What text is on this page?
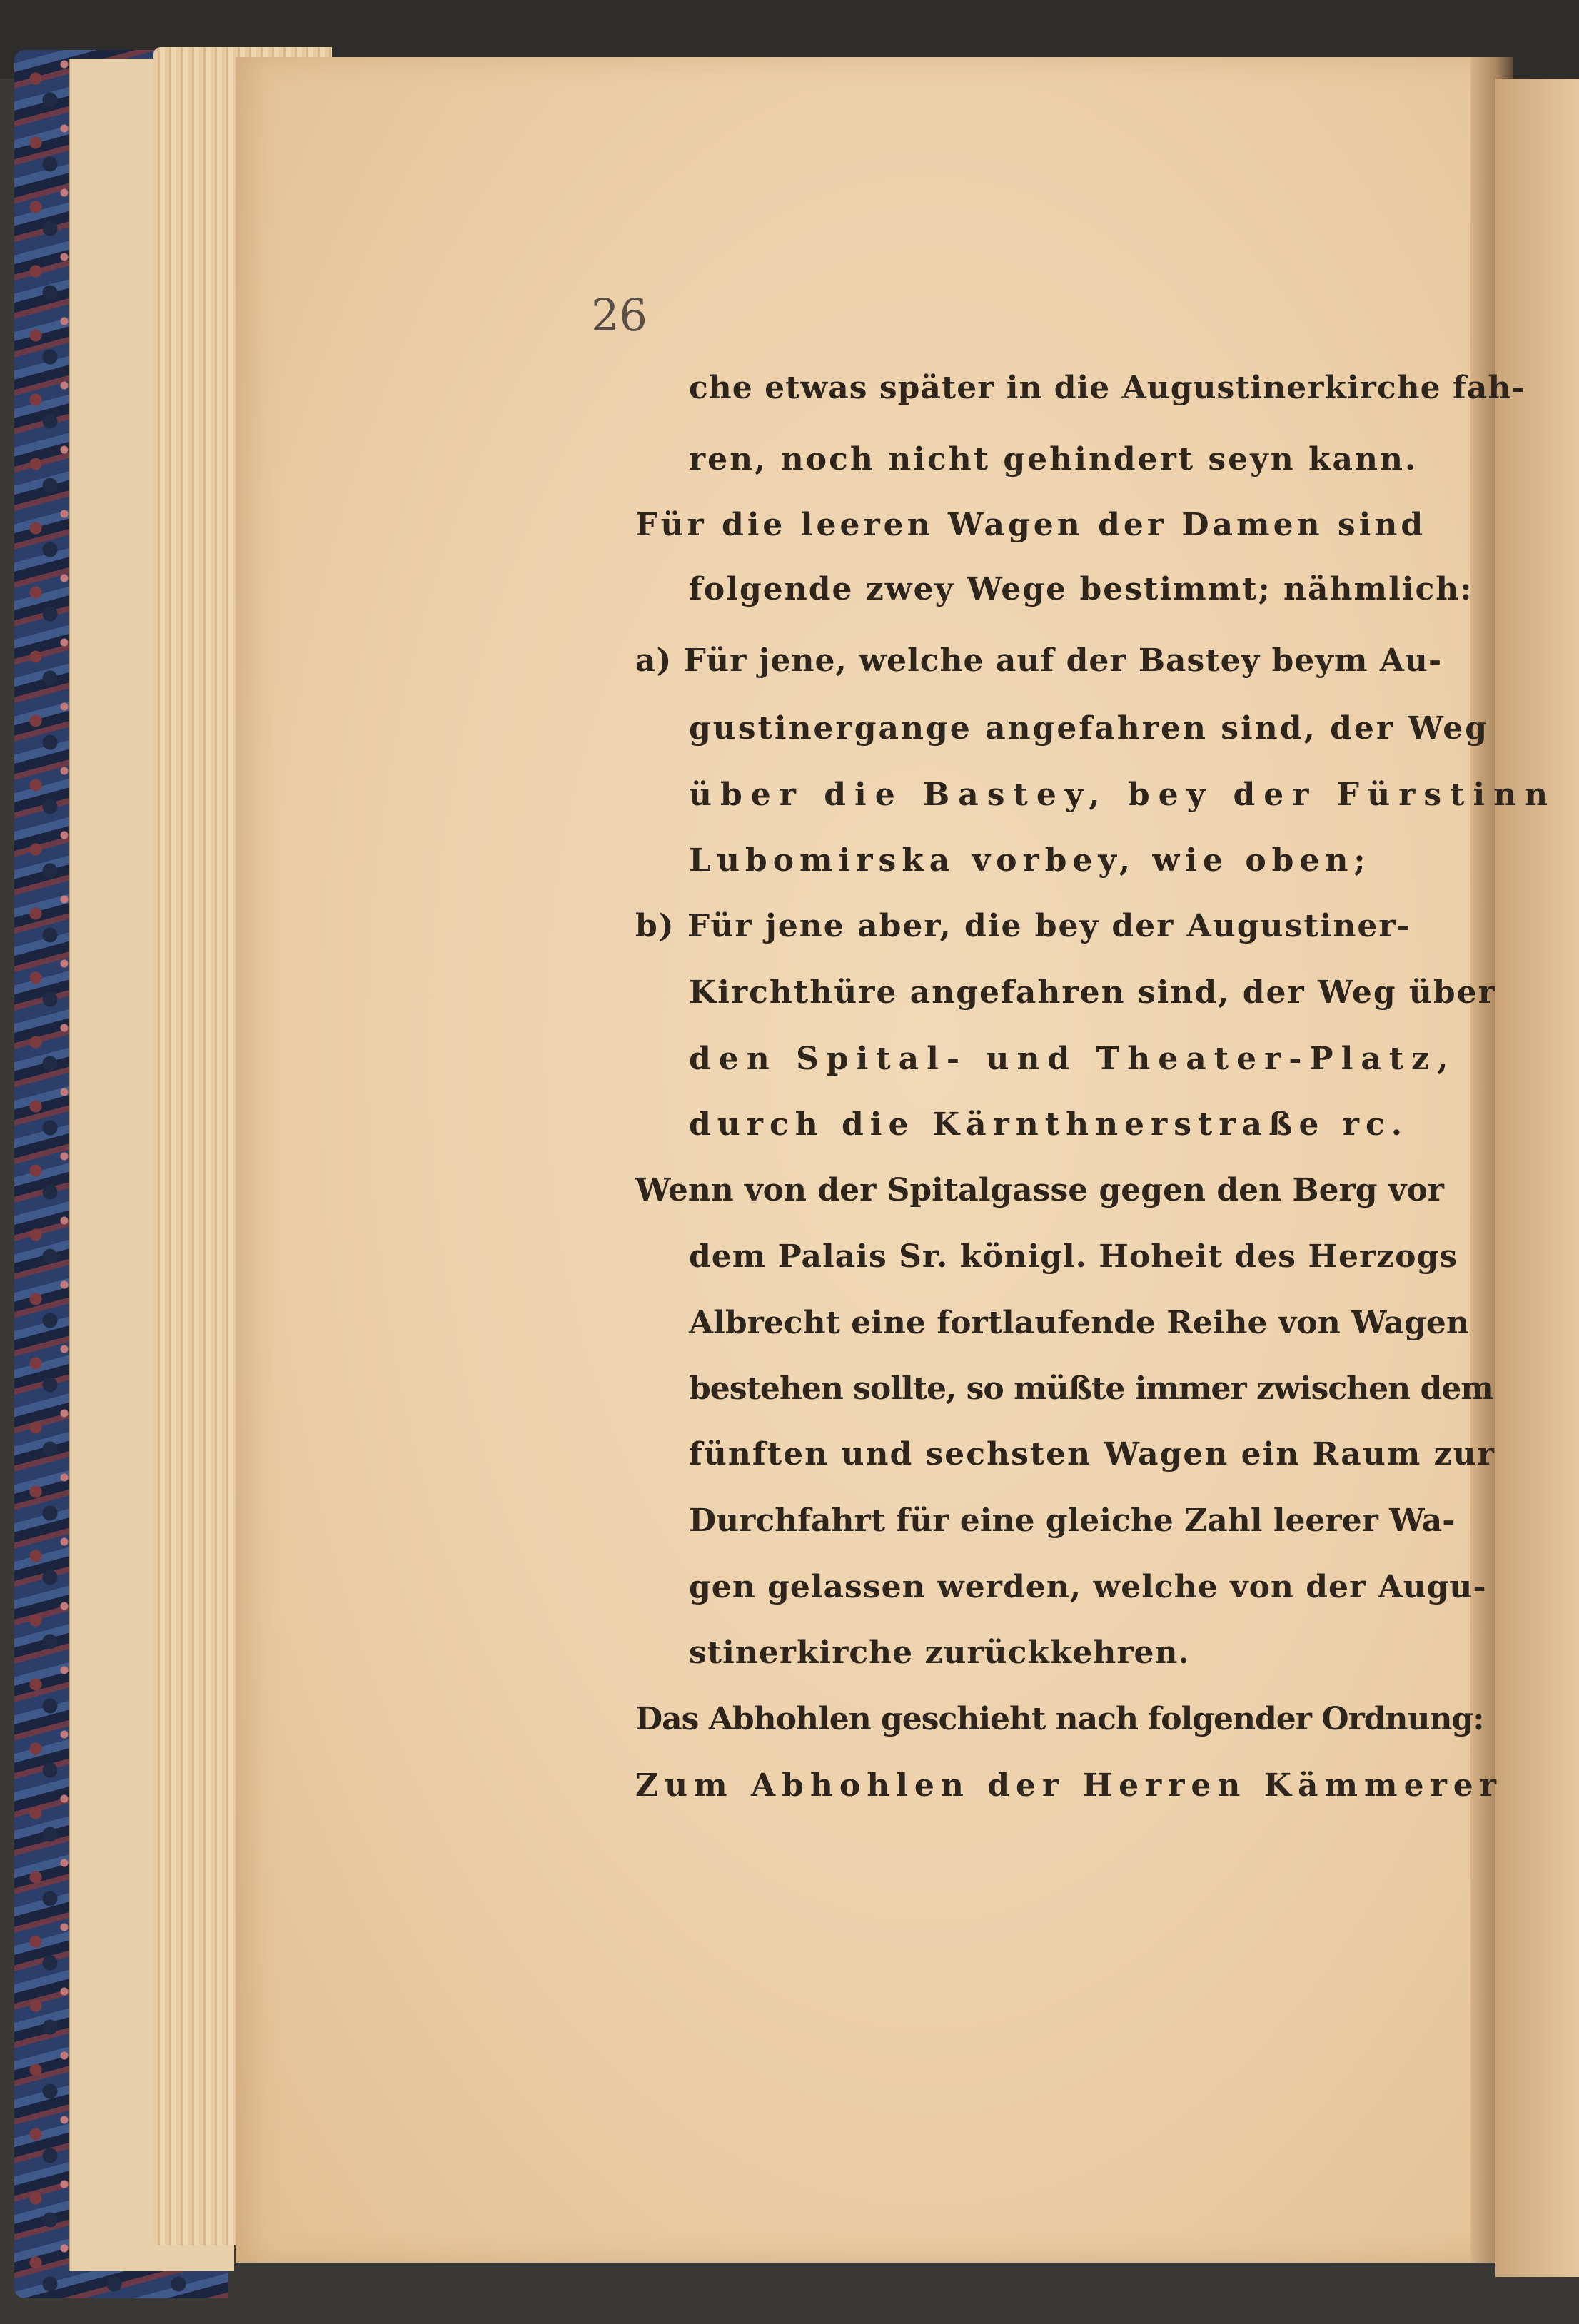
26
che etwas später in die Augustinerkirche fah-
ren, noch nicht gehindert seyn kann.
Für die leeren Wagen der Damen sind
folgende zwey Wege bestimmt; nähmlich:
a) Für jene, welche auf der Bastey beym Au-
gustinergange angefahren sind, der Weg
über die Bastey, bey der Fürstinn
Lubomirska vorbey, wie oben;
b) Für jene aber, die bey der Augustiner-
Kirchthüre angefahren sind, der Weg über
den Spital- und Theater-Platz,
durch die Kärnthnerstraße rc.
Wenn von der Spitalgasse gegen den Berg vor
dem Palais Sr. königl. Hoheit des Herzogs
Albrecht eine fortlaufende Reihe von Wagen
bestehen sollte, so müßte immer zwischen dem
fünften und sechsten Wagen ein Raum zur
Durchfahrt für eine gleiche Zahl leerer Wa-
gen gelassen werden, welche von der Augu-
stinerkirche zurückkehren.
Das Abhohlen geschieht nach folgender Ordnung:
Zum Abhohlen der Herren Kämmerer
